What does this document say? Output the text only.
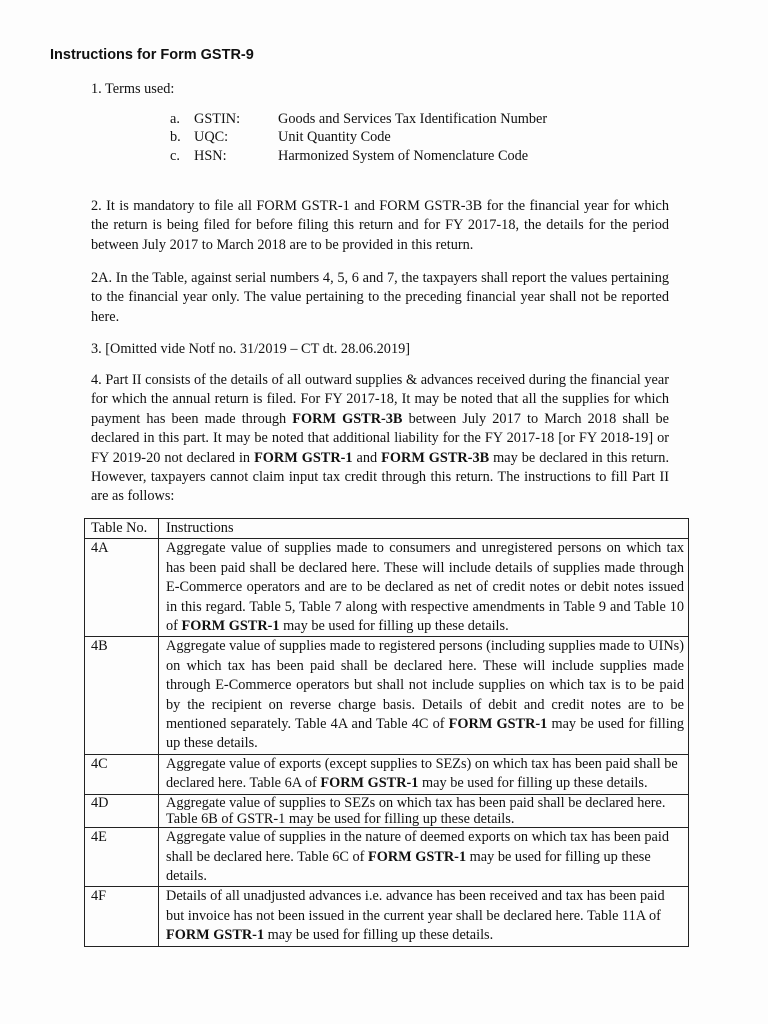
Instructions for Form GSTR-9
1. Terms used:
a. GSTIN:	Goods and Services Tax Identification Number
b. UQC:	Unit Quantity Code
c. HSN:	Harmonized System of Nomenclature Code
2. It is mandatory to file all FORM GSTR-1 and FORM GSTR-3B for the financial year for which the return is being filed for before filing this return and for FY 2017-18, the details for the period between July 2017 to March 2018 are to be provided in this return.
2A. In the Table, against serial numbers 4, 5, 6 and 7, the taxpayers shall report the values pertaining to the financial year only. The value pertaining to the preceding financial year shall not be reported here.
3. [Omitted vide Notf no. 31/2019 – CT dt. 28.06.2019]
4. Part II consists of the details of all outward supplies & advances received during the financial year for which the annual return is filed. For FY 2017-18, It may be noted that all the supplies for which payment has been made through FORM GSTR-3B between July 2017 to March 2018 shall be declared in this part. It may be noted that additional liability for the FY 2017-18 [or FY 2018-19] or FY 2019-20 not declared in FORM GSTR-1 and FORM GSTR-3B may be declared in this return. However, taxpayers cannot claim input tax credit through this return. The instructions to fill Part II are as follows:
Table No.	Instructions
4A	Aggregate value of supplies made to consumers and unregistered persons on which tax has been paid shall be declared here. These will include details of supplies made through E-Commerce operators and are to be declared as net of credit notes or debit notes issued in this regard. Table 5, Table 7 along with respective amendments in Table 9 and Table 10 of FORM GSTR-1 may be used for filling up these details.
4B	Aggregate value of supplies made to registered persons (including supplies made to UINs) on which tax has been paid shall be declared here. These will include supplies made through E-Commerce operators but shall not include supplies on which tax is to be paid by the recipient on reverse charge basis. Details of debit and credit notes are to be mentioned separately. Table 4A and Table 4C of FORM GSTR-1 may be used for filling up these details.
4C	Aggregate value of exports (except supplies to SEZs) on which tax has been paid shall be declared here. Table 6A of FORM GSTR-1 may be used for filling up these details.
4D	Aggregate value of supplies to SEZs on which tax has been paid shall be declared here. Table 6B of GSTR-1 may be used for filling up these details.
4E	Aggregate value of supplies in the nature of deemed exports on which tax has been paid shall be declared here. Table 6C of FORM GSTR-1 may be used for filling up these details.
4F	Details of all unadjusted advances i.e. advance has been received and tax has been paid but invoice has not been issued in the current year shall be declared here. Table 11A of FORM GSTR-1 may be used for filling up these details.
